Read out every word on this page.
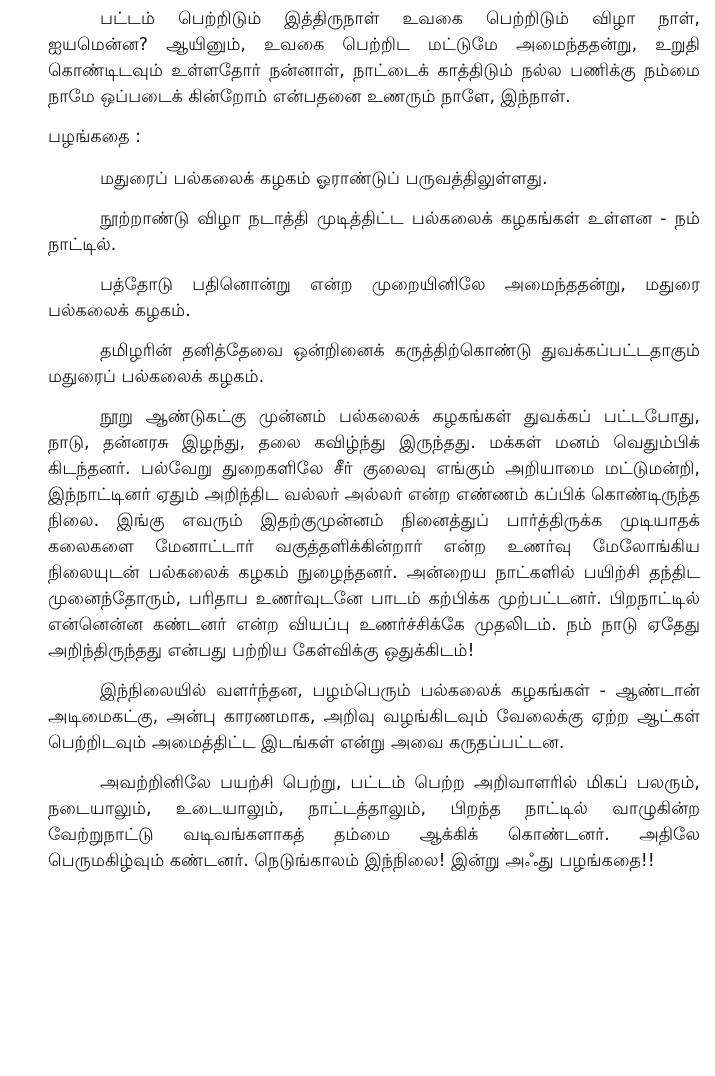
பட்டம் பெற்றிடும் இத்திருநாள் உவகை பெற்றிடும் விழா நாள், ஐயமென்ன? ஆயினும், உவகை பெற்றிட மட்டுமே அமைந்ததன்று, உறுதி கொண்டிடவும் உள்ளதோர் நன்னாள், நாட்டைக் காத்திடும் நல்ல பணிக்கு நம்மை நாமே ஒப்படைக் கின்றோம் என்பதனை உணரும் நாளே, இந்நாள்.

பழங்கதை :

மதுரைப் பல்கலைக் கழகம் ஓராண்டுப் பருவத்திலுள்ளது.

நூற்றாண்டு விழா நடாத்தி முடித்திட்ட பல்கலைக் கழகங்கள் உள்ளன - நம் நாட்டில்.

பத்தோடு பதினொன்று என்ற முறையினிலே அமைந்ததன்று, மதுரை பல்கலைக் கழகம்.

தமிழரின் தனித்தேவை ஒன்றினைக் கருத்திற்கொண்டு துவக்கப்பட்டதாகும் மதுரைப் பல்கலைக் கழகம்.

நூறு ஆண்டுகட்கு முன்னம் பல்கலைக் கழகங்கள் துவக்கப் பட்டபோது, நாடு, தன்னரசு இழந்து, தலை கவிழ்ந்து இருந்தது. மக்கள் மனம் வெதும்பிக் கிடந்தனர். பல்வேறு துறைகளிலே சீர் குலைவு எங்கும் அறியாமை மட்டுமன்றி, இந்நாட்டினர் ஏதும் அறிந்திட வல்லர் அல்லர் என்ற எண்ணம் கப்பிக் கொண்டிருந்த நிலை. இங்கு எவரும் இதற்குமுன்னம் நினைத்துப் பார்த்திருக்க முடியாதக் கலைகளை மேனாட்டார் வகுத்தளிக்கின்றார் என்ற உணர்வு மேலோங்கிய நிலையுடன் பல்கலைக் கழகம் நுழைந்தனர். அன்றைய நாட்களில் பயிற்சி தந்திட முனைந்தோரும், பரிதாப உணர்வுடனே பாடம் கற்பிக்க முற்பட்டனர். பிறநாட்டில் என்னென்ன கண்டனர் என்ற வியப்பு உணர்ச்சிக்கே முதலிடம். நம் நாடு ஏதேது அறிந்திருந்தது என்பது பற்றிய கேள்விக்கு ஒதுக்கிடம்!

இந்நிலையில் வளர்ந்தன, பழம்பெரும் பல்கலைக் கழகங்கள் - ஆண்டான் அடிமைகட்கு, அன்பு காரணமாக, அறிவு வழங்கிடவும் வேலைக்கு ஏற்ற ஆட்கள் பெற்றிடவும் அமைத்திட்ட இடங்கள் என்று அவை கருதப்பட்டன.

அவற்றினிலே பயற்சி பெற்று, பட்டம் பெற்ற அறிவாளரில் மிகப் பலரும், நடையாலும், உடையாலும், நாட்டத்தாலும், பிறந்த நாட்டில் வாழுகின்ற வேற்றுநாட்டு வடிவங்களாகத் தம்மை ஆக்கிக் கொண்டனர். அதிலே பெருமகிழ்வும் கண்டனர். நெடுங்காலம் இந்நிலை! இன்று அஃது பழங்கதை!!
